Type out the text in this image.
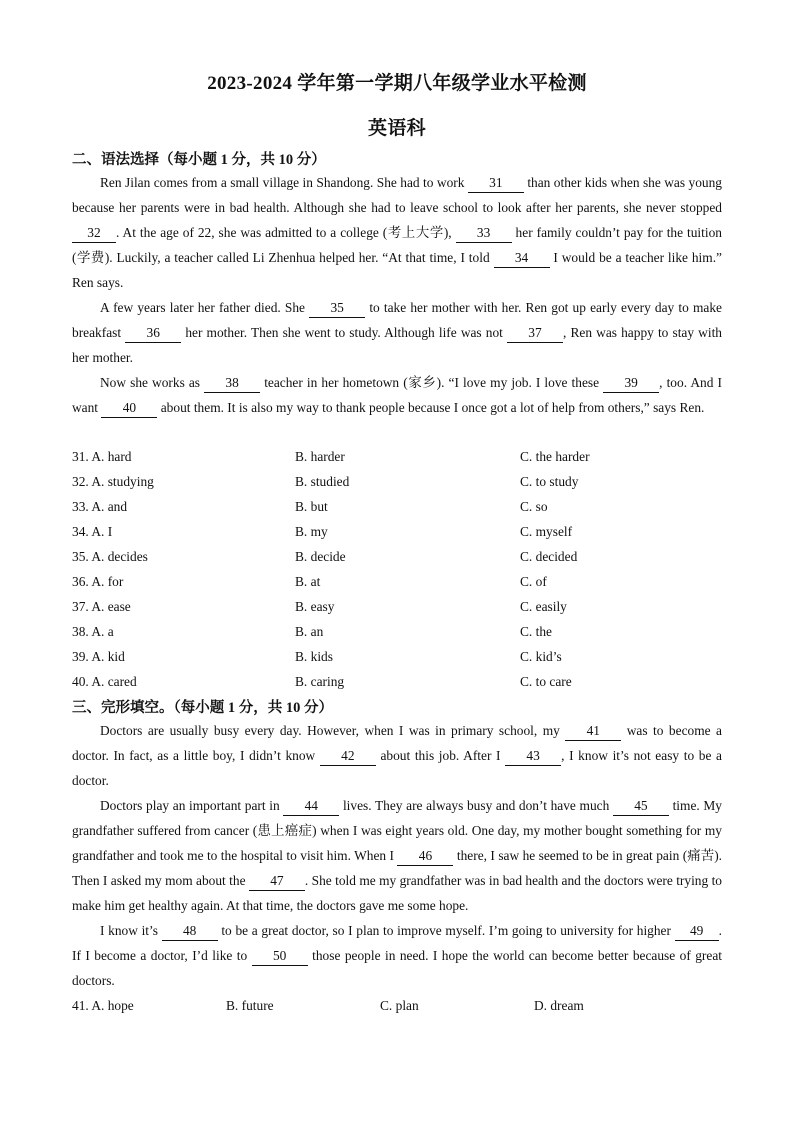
2023-2024 学年第一学期八年级学业水平检测
英语科
二、语法选择（每小题 1 分，共 10 分）
Ren Jilan comes from a small village in Shandong. She had to work 31 than other kids when she was young because her parents were in bad health. Although she had to leave school to look after her parents, she never stopped 32 . At the age of 22, she was admitted to a college (考上大学), 33 her family couldn’t pay for the tuition (学费). Luckily, a teacher called Li Zhenhua helped her. “At that time, I told 34 I would be a teacher like him.” Ren says.
A few years later her father died. She 35 to take her mother with her. Ren got up early every day to make breakfast 36 her mother. Then she went to study. Although life was not 37 , Ren was happy to stay with her mother.
Now she works as 38 teacher in her hometown (家乡). “I love my job. I love these 39 , too. And I want 40 about them. It is also my way to thank people because I once got a lot of help from others,” says Ren.
31. A. hard	B. harder	C. the harder
32. A. studying	B. studied	C. to study
33. A. and	B. but	C. so
34. A. I	B. my	C. myself
35. A. decides	B. decide	C. decided
36. A. for	B. at	C. of
37. A. ease	B. easy	C. easily
38. A. a	B. an	C. the
39. A. kid	B. kids	C. kid’s
40. A. cared	B. caring	C. to care
三、完形填空。（每小题 1 分，共 10 分）
Doctors are usually busy every day. However, when I was in primary school, my 41 was to become a doctor. In fact, as a little boy, I didn’t know 42 about this job. After I 43 , I know it’s not easy to be a doctor.
Doctors play an important part in 44 lives. They are always busy and don’t have much 45 time. My grandfather suffered from cancer (患上癌症) when I was eight years old. One day, my mother bought something for my grandfather and took me to the hospital to visit him. When I 46 there, I saw he seemed to be in great pain (痛苦). Then I asked my mom about the 47 . She told me my grandfather was in bad health and the doctors were trying to make him get healthy again. At that time, the doctors gave me some hope.
I know it’s 48 to be a great doctor, so I plan to improve myself. I’m going to university for higher 49 . If I become a doctor, I’d like to 50 those people in need. I hope the world can become better because of great doctors.
41. A. hope	B. future	C. plan	D. dream
